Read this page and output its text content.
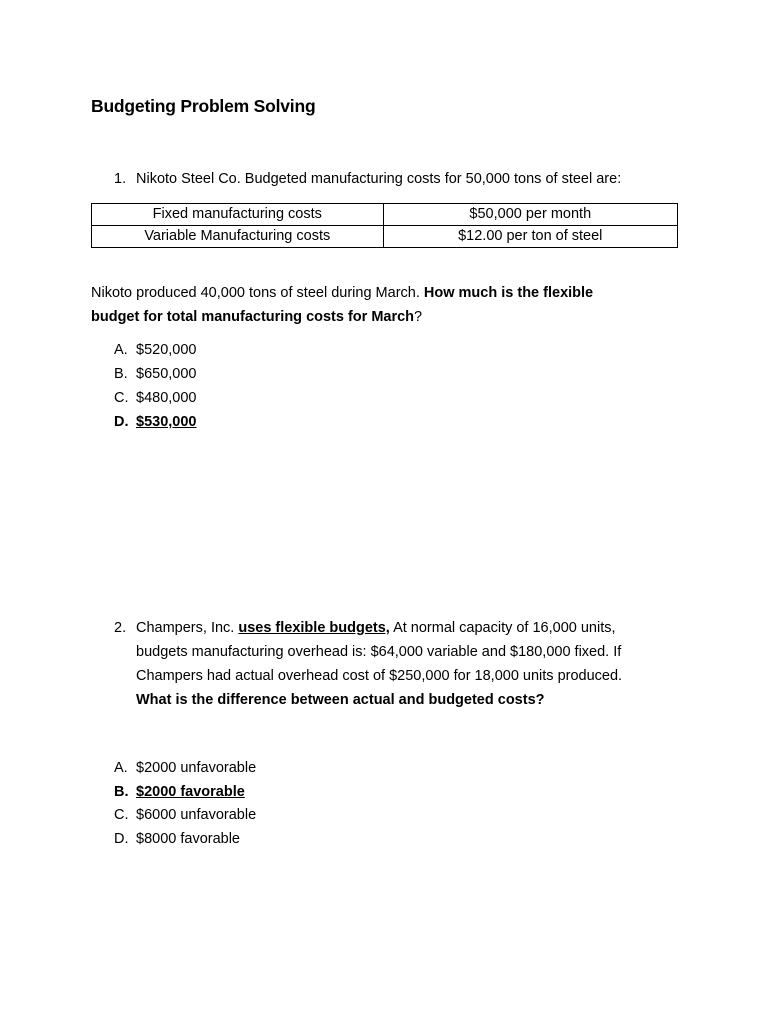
Budgeting Problem Solving
1. Nikoto Steel Co. Budgeted manufacturing costs for 50,000 tons of steel are:
Fixed manufacturing costs	$50,000 per month
Variable Manufacturing costs	$12.00 per ton of steel
Nikoto produced 40,000 tons of steel during March. How much is the flexible
budget for total manufacturing costs for March?
A. $520,000
B. $650,000
C. $480,000
D. $530,000
2. Champers, Inc. uses flexible budgets, At normal capacity of 16,000 units,
budgets manufacturing overhead is: $64,000 variable and $180,000 fixed. If
Champers had actual overhead cost of $250,000 for 18,000 units produced.
What is the difference between actual and budgeted costs?
A. $2000 unfavorable
B. $2000 favorable
C. $6000 unfavorable
D. $8000 favorable
